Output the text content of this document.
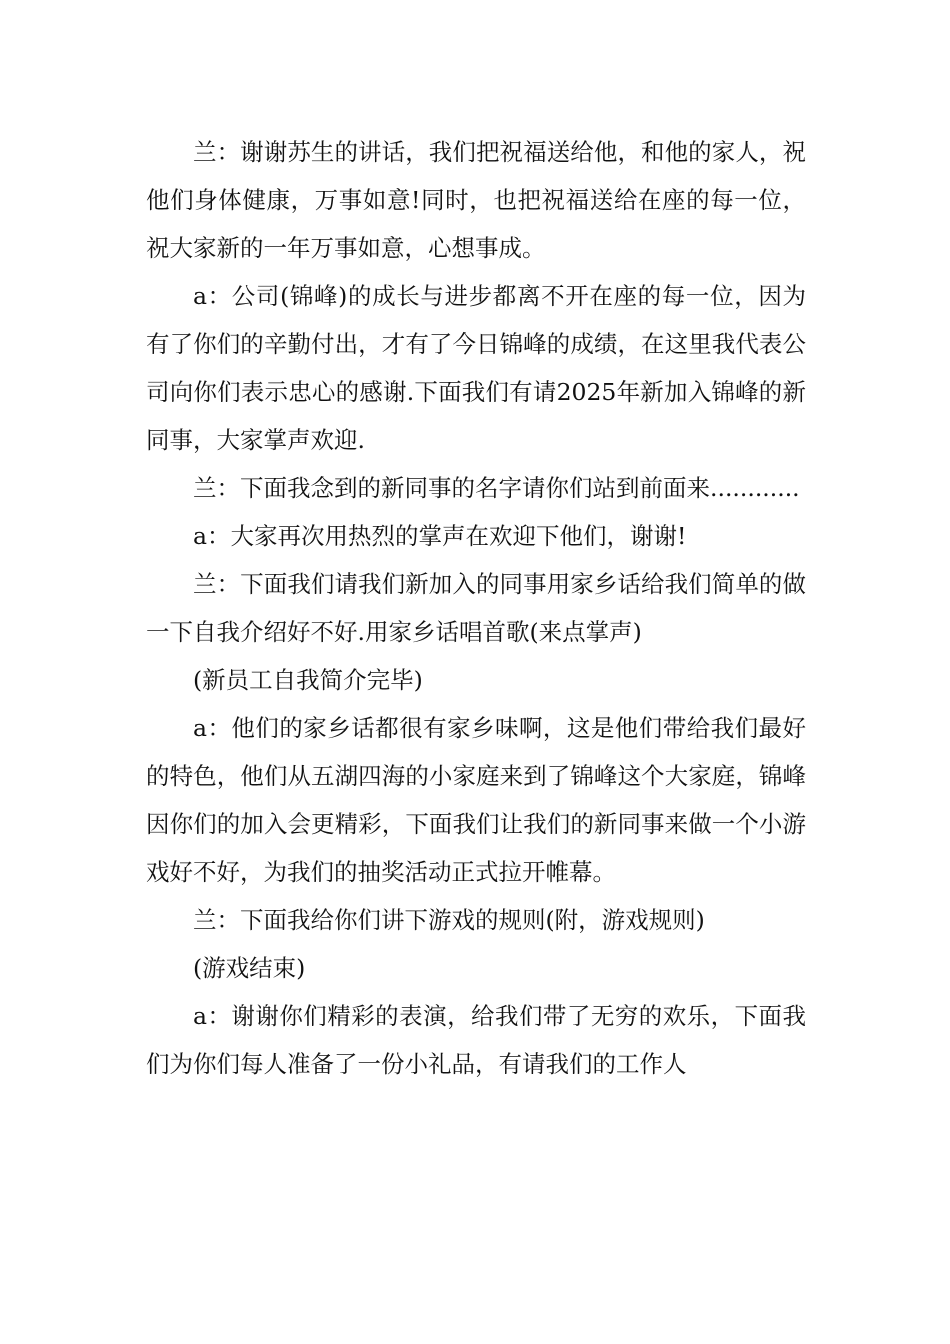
兰：谢谢苏生的讲话，我们把祝福送给他，和他的家人，祝他们身体健康，万事如意!同时，也把祝福送给在座的每一位，祝大家新的一年万事如意，心想事成。

a：公司(锦峰)的成长与进步都离不开在座的每一位，因为有了你们的辛勤付出，才有了今日锦峰的成绩，在这里我代表公司向你们表示忠心的感谢.下面我们有请2025年新加入锦峰的新同事，大家掌声欢迎.

兰：下面我念到的新同事的名字请你们站到前面来............

a：大家再次用热烈的掌声在欢迎下他们，谢谢!

兰：下面我们请我们新加入的同事用家乡话给我们简单的做一下自我介绍好不好.用家乡话唱首歌(来点掌声)

(新员工自我简介完毕)

a：他们的家乡话都很有家乡味啊，这是他们带给我们最好的特色，他们从五湖四海的小家庭来到了锦峰这个大家庭，锦峰因你们的加入会更精彩，下面我们让我们的新同事来做一个小游戏好不好，为我们的抽奖活动正式拉开帷幕。

兰：下面我给你们讲下游戏的规则(附，游戏规则)

(游戏结束)

a：谢谢你们精彩的表演，给我们带了无穷的欢乐，下面我们为你们每人准备了一份小礼品，有请我们的工作人
